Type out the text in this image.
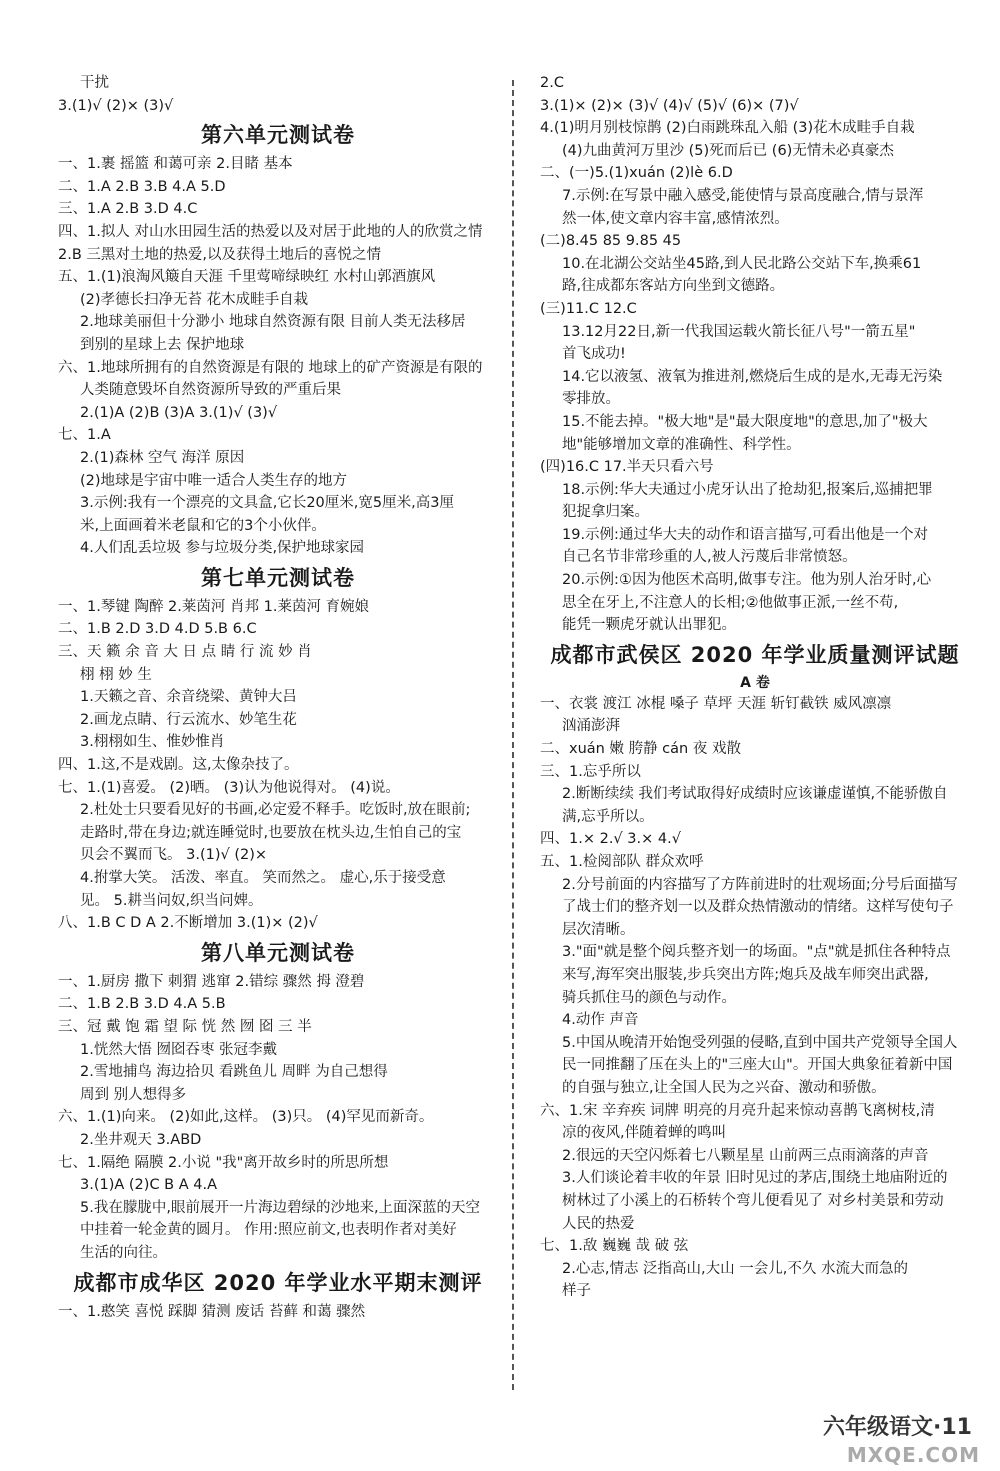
干扰
3.(1)√ (2)× (3)√
第六单元测试卷
一、1.裹 摇篮 和蔼可亲 2.目睹 基本
二、1.A 2.B 3.B 4.A 5.D
三、1.A 2.B 3.D 4.C
四、1.拟人 对山水田园生活的热爱以及对居于此地的人的欣赏之情
2.B 三黑对土地的热爱,以及获得土地后的喜悦之情
五、1.(1)浪淘风簸自天涯 千里莺啼绿映红 水村山郭酒旗风
(2)孝德长扫净无苔 花木成畦手自栽
2.地球美丽但十分渺小 地球自然资源有限 目前人类无法移居
到别的星球上去 保护地球
六、1.地球所拥有的自然资源是有限的 地球上的矿产资源是有限的
人类随意毁坏自然资源所导致的严重后果
2.(1)A (2)B (3)A 3.(1)√ (3)√
七、1.A
2.(1)森林 空气 海洋 原因
(2)地球是宇宙中唯一适合人类生存的地方
3.示例:我有一个漂亮的文具盒,它长20厘米,宽5厘米,高3厘
米,上面画着米老鼠和它的3个小伙伴。
4.人们乱丢垃圾 参与垃圾分类,保护地球家园
第七单元测试卷
一、1.琴键 陶醉 2.莱茵河 肖邦 1.莱茵河 育婉娘
二、1.B 2.D 3.D 4.D 5.B 6.C
三、天 籁 余 音 大 日 点 睛 行 流 妙 肖
栩 栩 妙 生
1.天籁之音、余音绕梁、黄钟大吕
2.画龙点睛、行云流水、妙笔生花
3.栩栩如生、惟妙惟肖
四、1.这,不是戏剧。这,太像杂技了。
七、1.(1)喜爱。 (2)晒。 (3)认为他说得对。 (4)说。
2.杜处士只要看见好的书画,必定爱不释手。吃饭时,放在眼前;
走路时,带在身边;就连睡觉时,也要放在枕头边,生怕自己的宝
贝会不翼而飞。 3.(1)√ (2)×
4.拊掌大笑。 活泼、率直。 笑而然之。 虚心,乐于接受意
见。 5.耕当问奴,织当问婢。
八、1.B C D A 2.不断增加 3.(1)× (2)√
第八单元测试卷
一、1.厨房 撒下 刺猬 逃窜 2.错综 骤然 拇 澄碧
二、1.B 2.B 3.D 4.A 5.B
三、冠 戴 饱 霜 望 际 恍 然 囫 囵 三 半
1.恍然大悟 囫囵吞枣 张冠李戴
2.雪地捕鸟 海边拾贝 看跳鱼儿 周畔 为自己想得
周到 别人想得多
六、1.(1)向来。 (2)如此,这样。 (3)只。 (4)罕见而新奇。
2.坐井观天 3.ABD
七、1.隔绝 隔膜 2.小说 "我"离开故乡时的所思所想
3.(1)A (2)C B A 4.A
5.我在朦胧中,眼前展开一片海边碧绿的沙地来,上面深蓝的天空
中挂着一轮金黄的圆月。 作用:照应前文,也表明作者对美好
生活的向往。
成都市成华区 2020 年学业水平期末测评
一、1.憨笑 喜悦 踩脚 猜测 废话 苔藓 和蔼 骤然
2.C
3.(1)× (2)× (3)√ (4)√ (5)√ (6)× (7)√
4.(1)明月别枝惊鹊 (2)白雨跳珠乱入船 (3)花木成畦手自栽
(4)九曲黄河万里沙 (5)死而后已 (6)无情未必真豪杰
二、(一)5.(1)xuán (2)lè 6.D
7.示例:在写景中融入感受,能使情与景高度融合,情与景浑
然一体,使文章内容丰富,感情浓烈。
(二)8.45 85 9.85 45
10.在北湖公交站坐45路,到人民北路公交站下车,换乘61
路,往成都东客站方向坐到文德路。
(三)11.C 12.C
13.12月22日,新一代我国运载火箭长征八号"一箭五星"
首飞成功!
14.它以液氢、液氧为推进剂,燃烧后生成的是水,无毒无污染
零排放。
15.不能去掉。"极大地"是"最大限度地"的意思,加了"极大
地"能够增加文章的准确性、科学性。
(四)16.C 17.半天只看六号
18.示例:华大夫通过小虎牙认出了抢劫犯,报案后,巡捕把罪
犯捉拿归案。
19.示例:通过华大夫的动作和语言描写,可看出他是一个对
自己名节非常珍重的人,被人污蔑后非常愤怒。
20.示例:①因为他医术高明,做事专注。他为别人治牙时,心
思全在牙上,不注意人的长相;②他做事正派,一丝不苟,
能凭一颗虎牙就认出罪犯。
成都市武侯区 2020 年学业质量测评试题
A 卷
一、衣裳 渡江 冰棍 嗓子 草坪 天涯 斩钉截铁 威风凛凛
汹涌澎湃
二、xuán 嫩 胯静 cán 夜 戏散
三、1.忘乎所以
2.断断续续 我们考试取得好成绩时应该谦虚谨慎,不能骄傲自
满,忘乎所以。
四、1.× 2.√ 3.× 4.√
五、1.检阅部队 群众欢呼
2.分号前面的内容描写了方阵前进时的壮观场面;分号后面描写
了战士们的整齐划一以及群众热情激动的情绪。这样写使句子
层次清晰。
3."面"就是整个阅兵整齐划一的场面。"点"就是抓住各种特点
来写,海军突出服装,步兵突出方阵;炮兵及战车师突出武器,
骑兵抓住马的颜色与动作。
4.动作 声音
5.中国从晚清开始饱受列强的侵略,直到中国共产党领导全国人
民一同推翻了压在头上的"三座大山"。开国大典象征着新中国
的自强与独立,让全国人民为之兴奋、激动和骄傲。
六、1.宋 辛弃疾 词牌 明亮的月亮升起来惊动喜鹊飞离树枝,清
凉的夜风,伴随着蝉的鸣叫
2.很远的天空闪烁着七八颗星星 山前两三点雨滴落的声音
3.人们谈论着丰收的年景 旧时见过的茅店,围绕土地庙附近的
树林过了小溪上的石桥转个弯儿便看见了 对乡村美景和劳动
人民的热爱
七、1.敌 巍巍 哉 破 弦
2.心志,情志 泛指高山,大山 一会儿,不久 水流大而急的
样子
六年级语文·11
MXQE.COM
